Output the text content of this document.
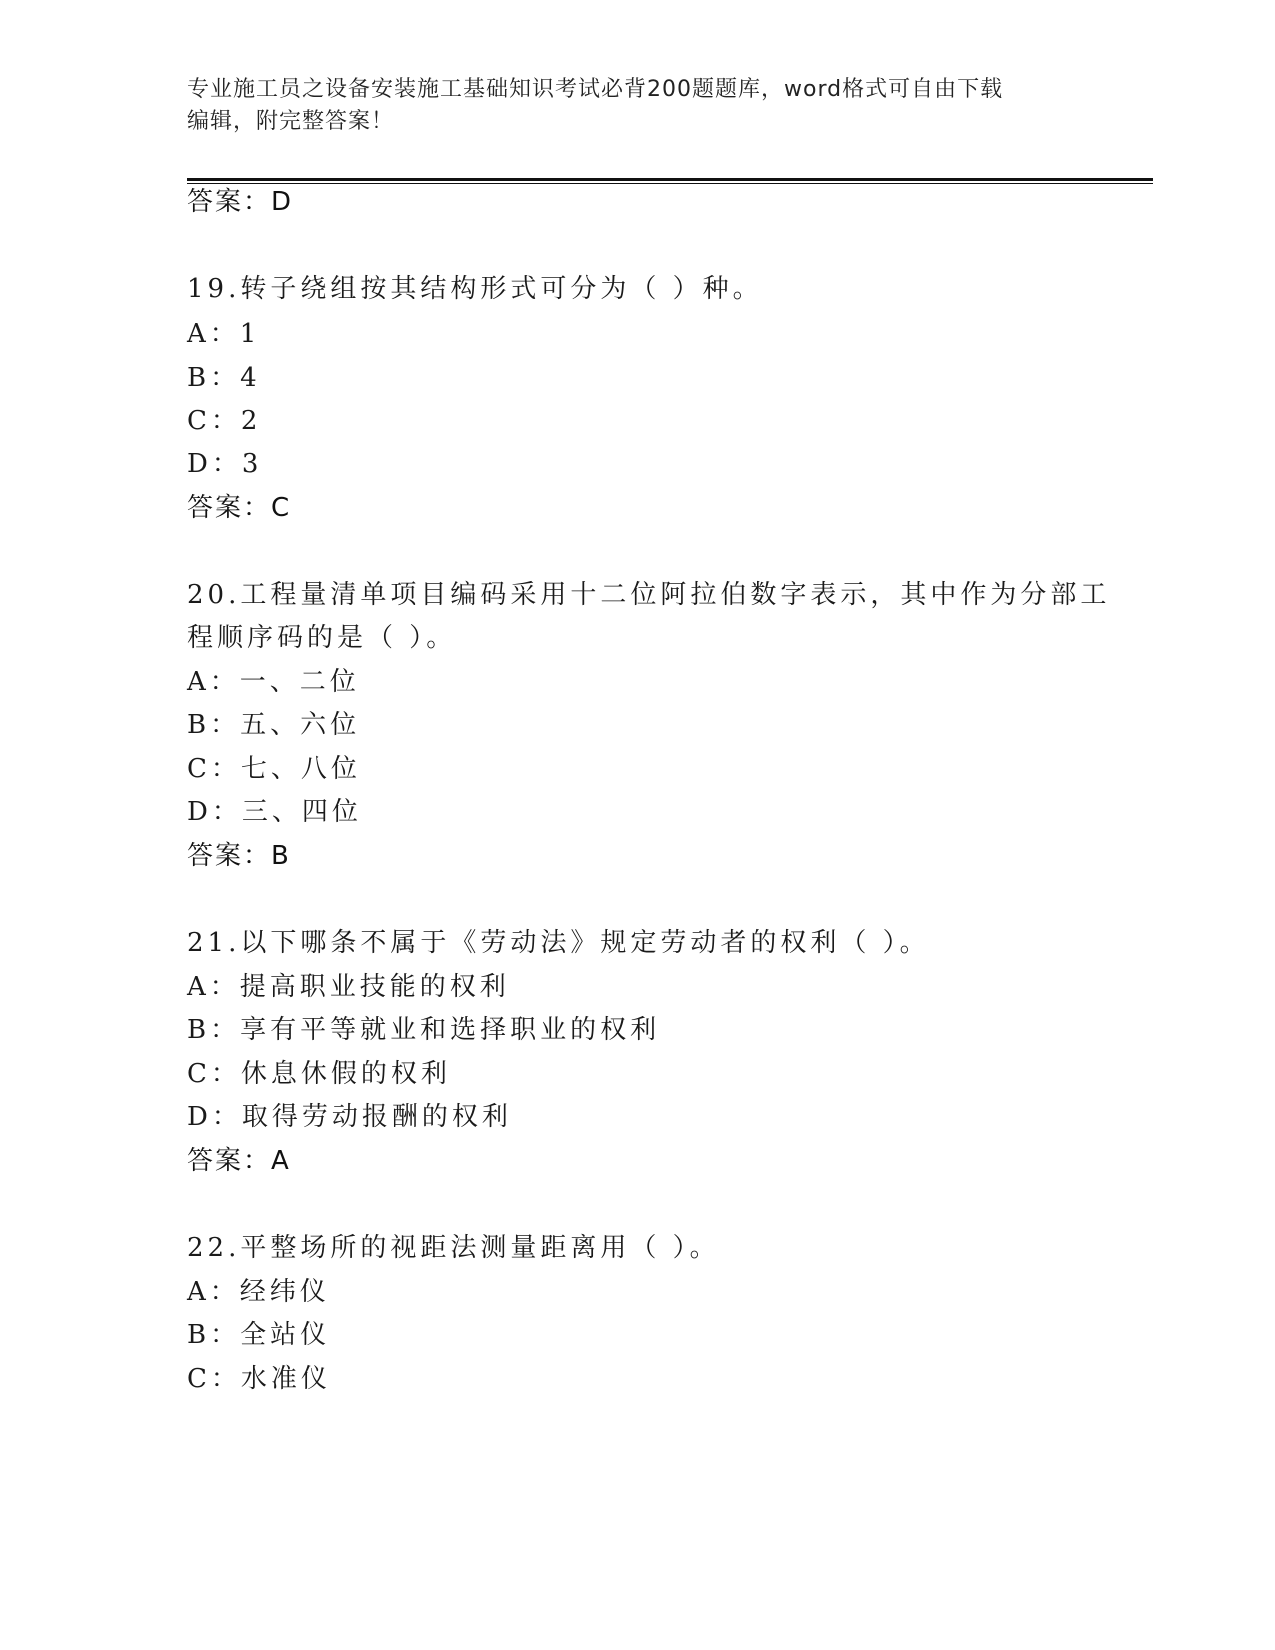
专业施工员之设备安装施工基础知识考试必背200题题库，word格式可自由下载
编辑，附完整答案！
答案：D
19.转子绕组按其结构形式可分为（ ）种。
A：1
B：4
C：2
D：3
答案：C
20.工程量清单项目编码采用十二位阿拉伯数字表示，其中作为分部工
程顺序码的是（ ）。
A：一、二位
B：五、六位
C：七、八位
D：三、四位
答案：B
21.以下哪条不属于《劳动法》规定劳动者的权利（ ）。
A：提高职业技能的权利
B：享有平等就业和选择职业的权利
C：休息休假的权利
D：取得劳动报酬的权利
答案：A
22.平整场所的视距法测量距离用（ ）。
A：经纬仪
B：全站仪
C：水准仪
